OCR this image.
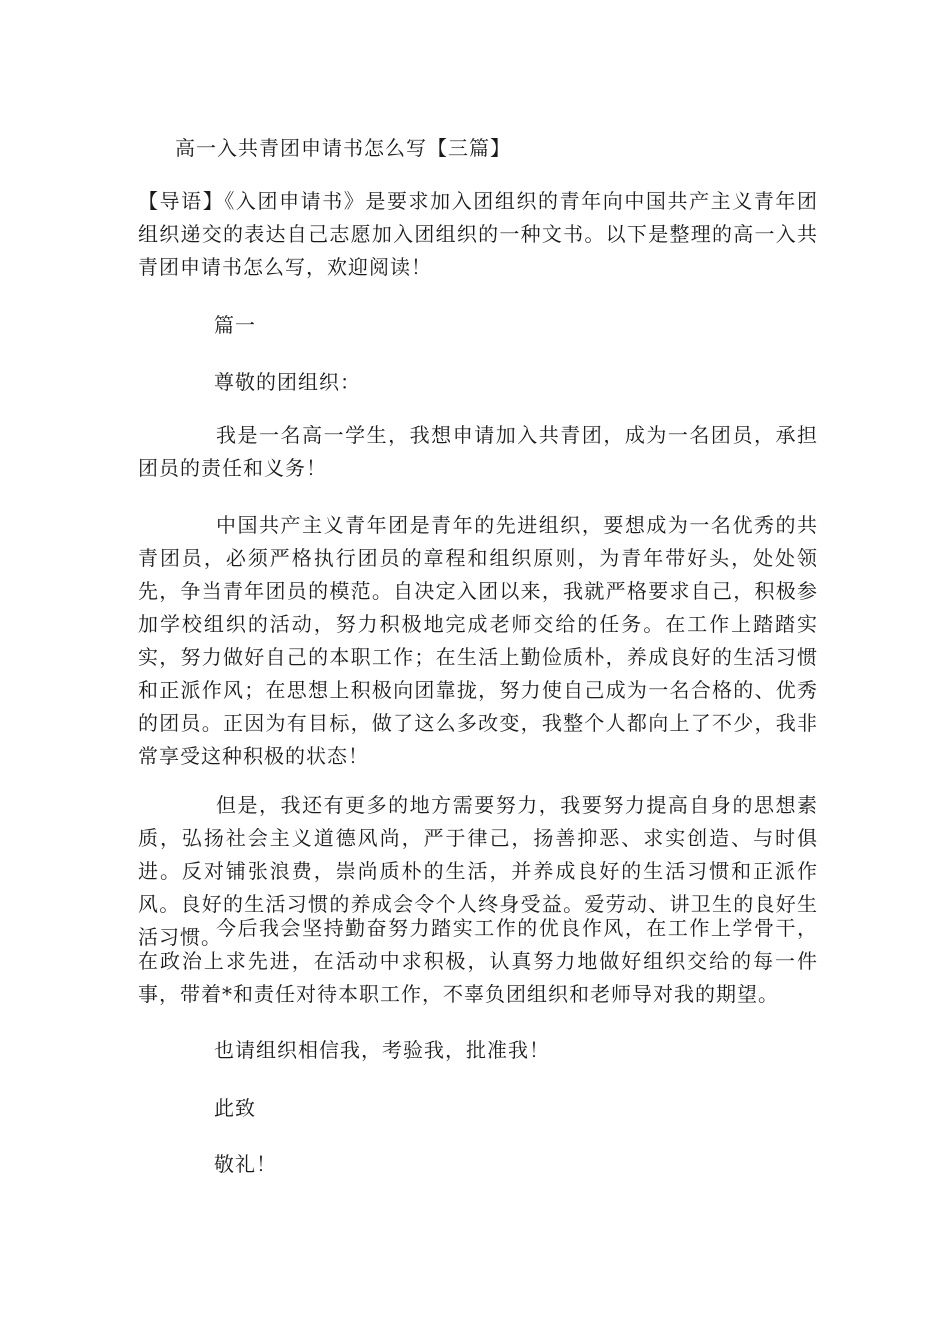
高一入共青团申请书怎么写【三篇】
【导语】《入团申请书》是要求加入团组织的青年向中国共产主义青年团组织递交的表达自己志愿加入团组织的一种文书。以下是整理的高一入共青团申请书怎么写，欢迎阅读！
篇一
尊敬的团组织：
我是一名高一学生，我想申请加入共青团，成为一名团员，承担团员的责任和义务！
中国共产主义青年团是青年的先进组织，要想成为一名优秀的共青团员，必须严格执行团员的章程和组织原则，为青年带好头，处处领先，争当青年团员的模范。自决定入团以来，我就严格要求自己，积极参加学校组织的活动，努力积极地完成老师交给的任务。在工作上踏踏实实，努力做好自己的本职工作；在生活上勤俭质朴，养成良好的生活习惯和正派作风；在思想上积极向团靠拢，努力使自己成为一名合格的、优秀的团员。正因为有目标，做了这么多改变，我整个人都向上了不少，我非常享受这种积极的状态！
但是，我还有更多的地方需要努力，我要努力提高自身的思想素质，弘扬社会主义道德风尚，严于律己，扬善抑恶、求实创造、与时俱进。反对铺张浪费，崇尚质朴的生活，并养成良好的生活习惯和正派作风。良好的生活习惯的养成会令个人终身受益。爱劳动、讲卫生的良好生活习惯。
今后我会坚持勤奋努力踏实工作的优良作风，在工作上学骨干，在政治上求先进，在活动中求积极，认真努力地做好组织交给的每一件事，带着*和责任对待本职工作，不辜负团组织和老师导对我的期望。
也请组织相信我，考验我，批准我！
此致
敬礼！
